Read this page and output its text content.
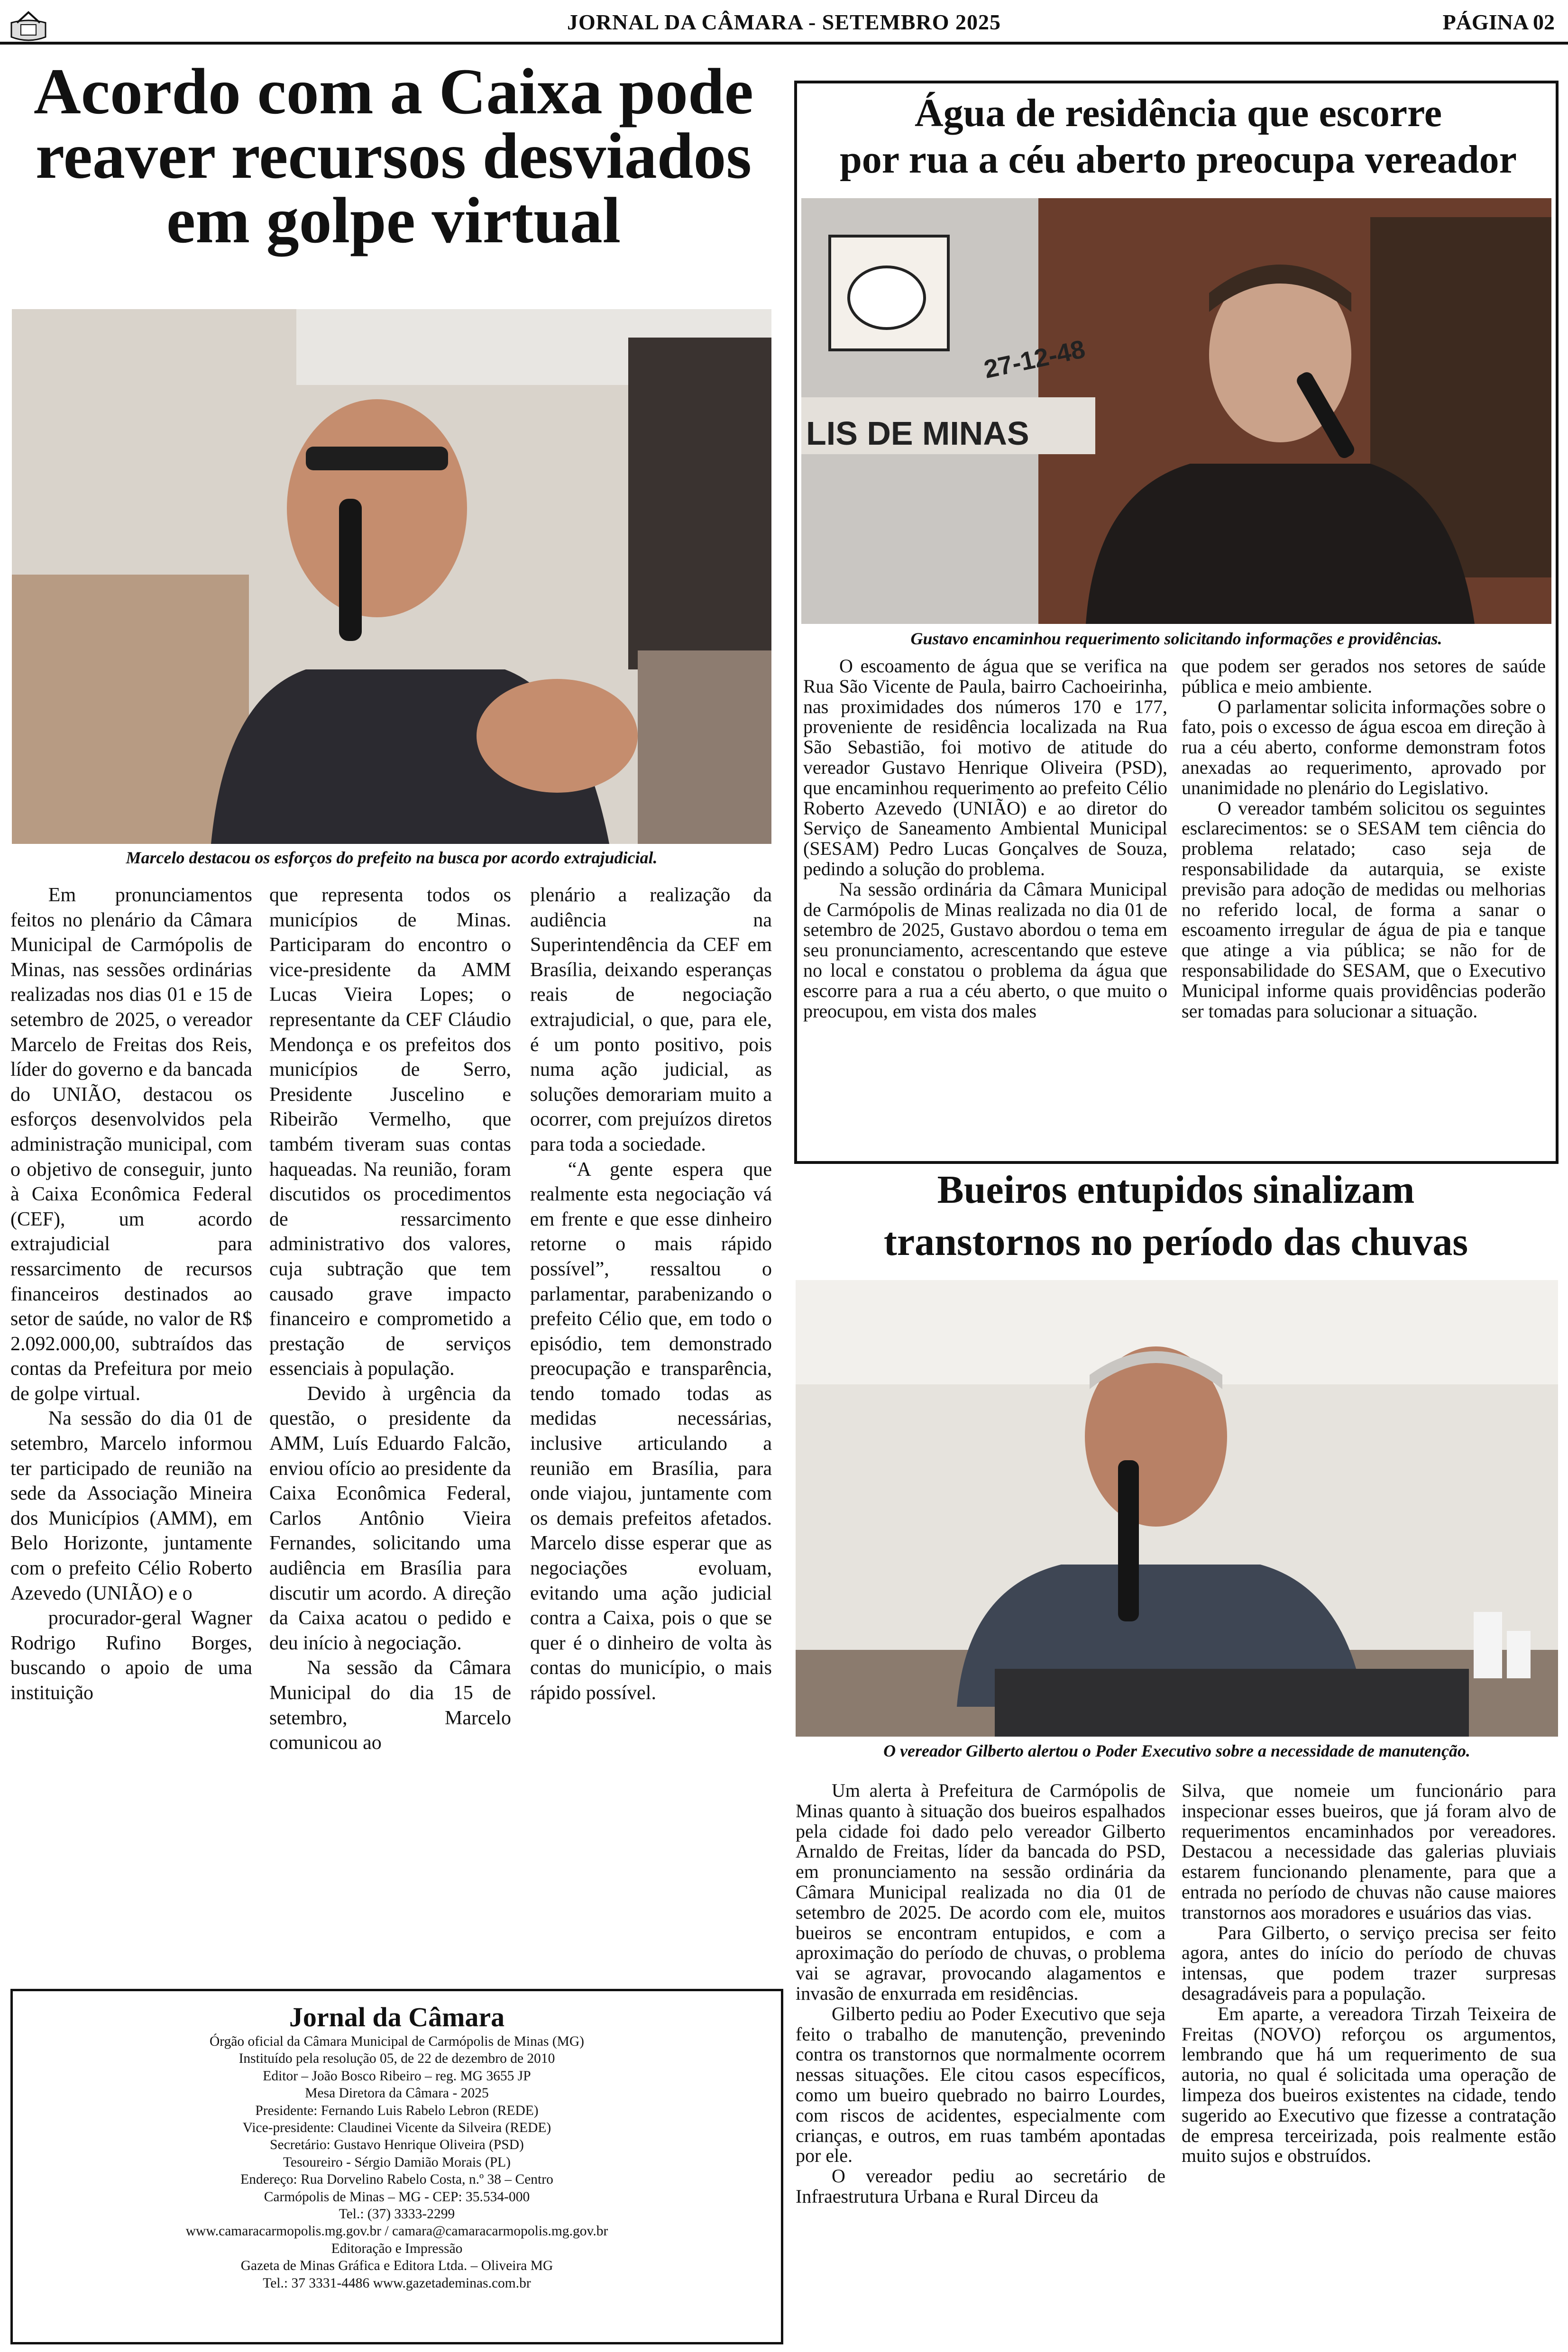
JORNAL DA CÂMARA - SETEMBRO 2025	PÁGINA 02
Acordo com a Caixa pode
reaver recursos desviados
em golpe virtual
Marcelo destacou os esforços do prefeito na busca por acordo extrajudicial.

Em pronunciamentos feitos no plenário da Câmara Municipal de Carmópolis de Minas, nas sessões ordinárias realizadas nos dias 01 e 15 de setembro de 2025, o vereador Marcelo de Freitas dos Reis, líder do governo e da bancada do UNIÃO, destacou os esforços desenvolvidos pela administração municipal, com o objetivo de conseguir, junto à Caixa Econômica Federal (CEF), um acordo extrajudicial para ressarcimento de recursos financeiros destinados ao setor de saúde, no valor de R$ 2.092.000,00, subtraídos das contas da Prefeitura por meio de golpe virtual.

Na sessão do dia 01 de setembro, Marcelo informou ter participado de reunião na sede da Associação Mineira dos Municípios (AMM), em Belo Horizonte, juntamente com o prefeito Célio Roberto Azevedo (UNIÃO) e o

procurador-geral Wagner Rodrigo Rufino Borges, buscando o apoio de uma instituição

que representa todos os municípios de Minas. Participaram do encontro o vice-presidente da AMM Lucas Vieira Lopes; o representante da CEF Cláudio Mendonça e os prefeitos dos municípios de Serro, Presidente Juscelino e Ribeirão Vermelho, que também tiveram suas contas haqueadas. Na reunião, foram discutidos os procedimentos de ressarcimento administrativo dos valores, cuja subtração que tem causado grave impacto financeiro e comprometido a prestação de serviços essenciais à população.

Devido à urgência da questão, o presidente da AMM, Luís Eduardo Falcão, enviou ofício ao presidente da Caixa Econômica Federal, Carlos Antônio Vieira Fernandes, solicitando uma audiência em Brasília para discutir um acordo. A direção da Caixa acatou o pedido e deu início à negociação.

Na sessão da Câmara Municipal do dia 15 de setembro, Marcelo comunicou ao

plenário a realização da audiência na Superintendência da CEF em Brasília, deixando esperanças reais de negociação extrajudicial, o que, para ele, é um ponto positivo, pois numa ação judicial, as soluções demorariam muito a ocorrer, com prejuízos diretos para toda a sociedade.

“A gente espera que realmente esta negociação vá em frente e que esse dinheiro retorne o mais rápido possível”, ressaltou o parlamentar, parabenizando o prefeito Célio que, em todo o episódio, tem demonstrado preocupação e transparência, tendo tomado todas as medidas necessárias, inclusive articulando a reunião em Brasília, para onde viajou, juntamente com os demais prefeitos afetados. Marcelo disse esperar que as negociações evoluam, evitando uma ação judicial contra a Caixa, pois o que se quer é o dinheiro de volta às contas do município, o mais rápido possível.

Água de residência que escorre
por rua a céu aberto preocupa vereador
LIS DE MINAS
27-12-48
Gustavo encaminhou requerimento solicitando informações e providências.

O escoamento de água que se verifica na Rua São Vicente de Paula, bairro Cachoeirinha, nas proximidades dos números 170 e 177, proveniente de residência localizada na Rua São Sebastião, foi motivo de atitude do vereador Gustavo Henrique Oliveira (PSD), que encaminhou requerimento ao prefeito Célio Roberto Azevedo (UNIÃO) e ao diretor do Serviço de Saneamento Ambiental Municipal (SESAM) Pedro Lucas Gonçalves de Souza, pedindo a solução do problema.

Na sessão ordinária da Câmara Municipal de Carmópolis de Minas realizada no dia 01 de setembro de 2025, Gustavo abordou o tema em seu pronunciamento, acrescentando que esteve no local e constatou o problema da água que escorre para a rua a céu aberto, o que muito o preocupou, em vista dos males

que podem ser gerados nos setores de saúde pública e meio ambiente.

O parlamentar solicita informações sobre o fato, pois o excesso de água escoa em direção à rua a céu aberto, conforme demonstram fotos anexadas ao requerimento, aprovado por unanimidade no plenário do Legislativo.

O vereador também solicitou os seguintes esclarecimentos: se o SESAM tem ciência do problema relatado; caso seja de responsabilidade da autarquia, se existe previsão para adoção de medidas ou melhorias no referido local, de forma a sanar o escoamento irregular de água de pia e tanque que atinge a via pública; se não for de responsabilidade do SESAM, que o Executivo Municipal informe quais providências poderão ser tomadas para solucionar a situação.

Bueiros entupidos sinalizam
transtornos no período das chuvas
O vereador Gilberto alertou o Poder Executivo sobre a necessidade de manutenção.

Um alerta à Prefeitura de Carmópolis de Minas quanto à situação dos bueiros espalhados pela cidade foi dado pelo vereador Gilberto Arnaldo de Freitas, líder da bancada do PSD, em pronunciamento na sessão ordinária da Câmara Municipal realizada no dia 01 de setembro de 2025. De acordo com ele, muitos bueiros se encontram entupidos, e com a aproximação do período de chuvas, o problema vai se agravar, provocando alagamentos e invasão de enxurrada em residências.

Gilberto pediu ao Poder Executivo que seja feito o trabalho de manutenção, prevenindo contra os transtornos que normalmente ocorrem nessas situações. Ele citou casos específicos, como um bueiro quebrado no bairro Lourdes, com riscos de acidentes, especialmente com crianças, e outros, em ruas também apontadas por ele.

O vereador pediu ao secretário de Infraestrutura Urbana e Rural Dirceu da

Silva, que nomeie um funcionário para inspecionar esses bueiros, que já foram alvo de requerimentos encaminhados por vereadores. Destacou a necessidade das galerias pluviais estarem funcionando plenamente, para que a entrada no período de chuvas não cause maiores transtornos aos moradores e usuários das vias.

Para Gilberto, o serviço precisa ser feito agora, antes do início do período de chuvas intensas, que podem trazer surpresas desagradáveis para a população.

Em aparte, a vereadora Tirzah Teixeira de Freitas (NOVO) reforçou os argumentos, lembrando que há um requerimento de sua autoria, no qual é solicitada uma operação de limpeza dos bueiros existentes na cidade, tendo sugerido ao Executivo que fizesse a contratação de empresa terceirizada, pois realmente estão muito sujos e obstruídos.

Jornal da Câmara
Órgão oficial da Câmara Municipal de Carmópolis de Minas (MG)
Instituído pela resolução 05, de 22 de dezembro de 2010
Editor – João Bosco Ribeiro – reg. MG 3655 JP
Mesa Diretora da Câmara - 2025
Presidente: Fernando Luis Rabelo Lebron (REDE)
Vice-presidente: Claudinei Vicente da Silveira (REDE)
Secretário: Gustavo Henrique Oliveira (PSD)
Tesoureiro - Sérgio Damião Morais (PL)
Endereço: Rua Dorvelino Rabelo Costa, n.º 38 – Centro
Carmópolis de Minas – MG - CEP: 35.534-000
Tel.: (37) 3333-2299
www.camaracarmopolis.mg.gov.br / camara@camaracarmopolis.mg.gov.br
Editoração e Impressão
Gazeta de Minas Gráfica e Editora Ltda. – Oliveira MG
Tel.: 37 3331-4486 www.gazetademinas.com.br
